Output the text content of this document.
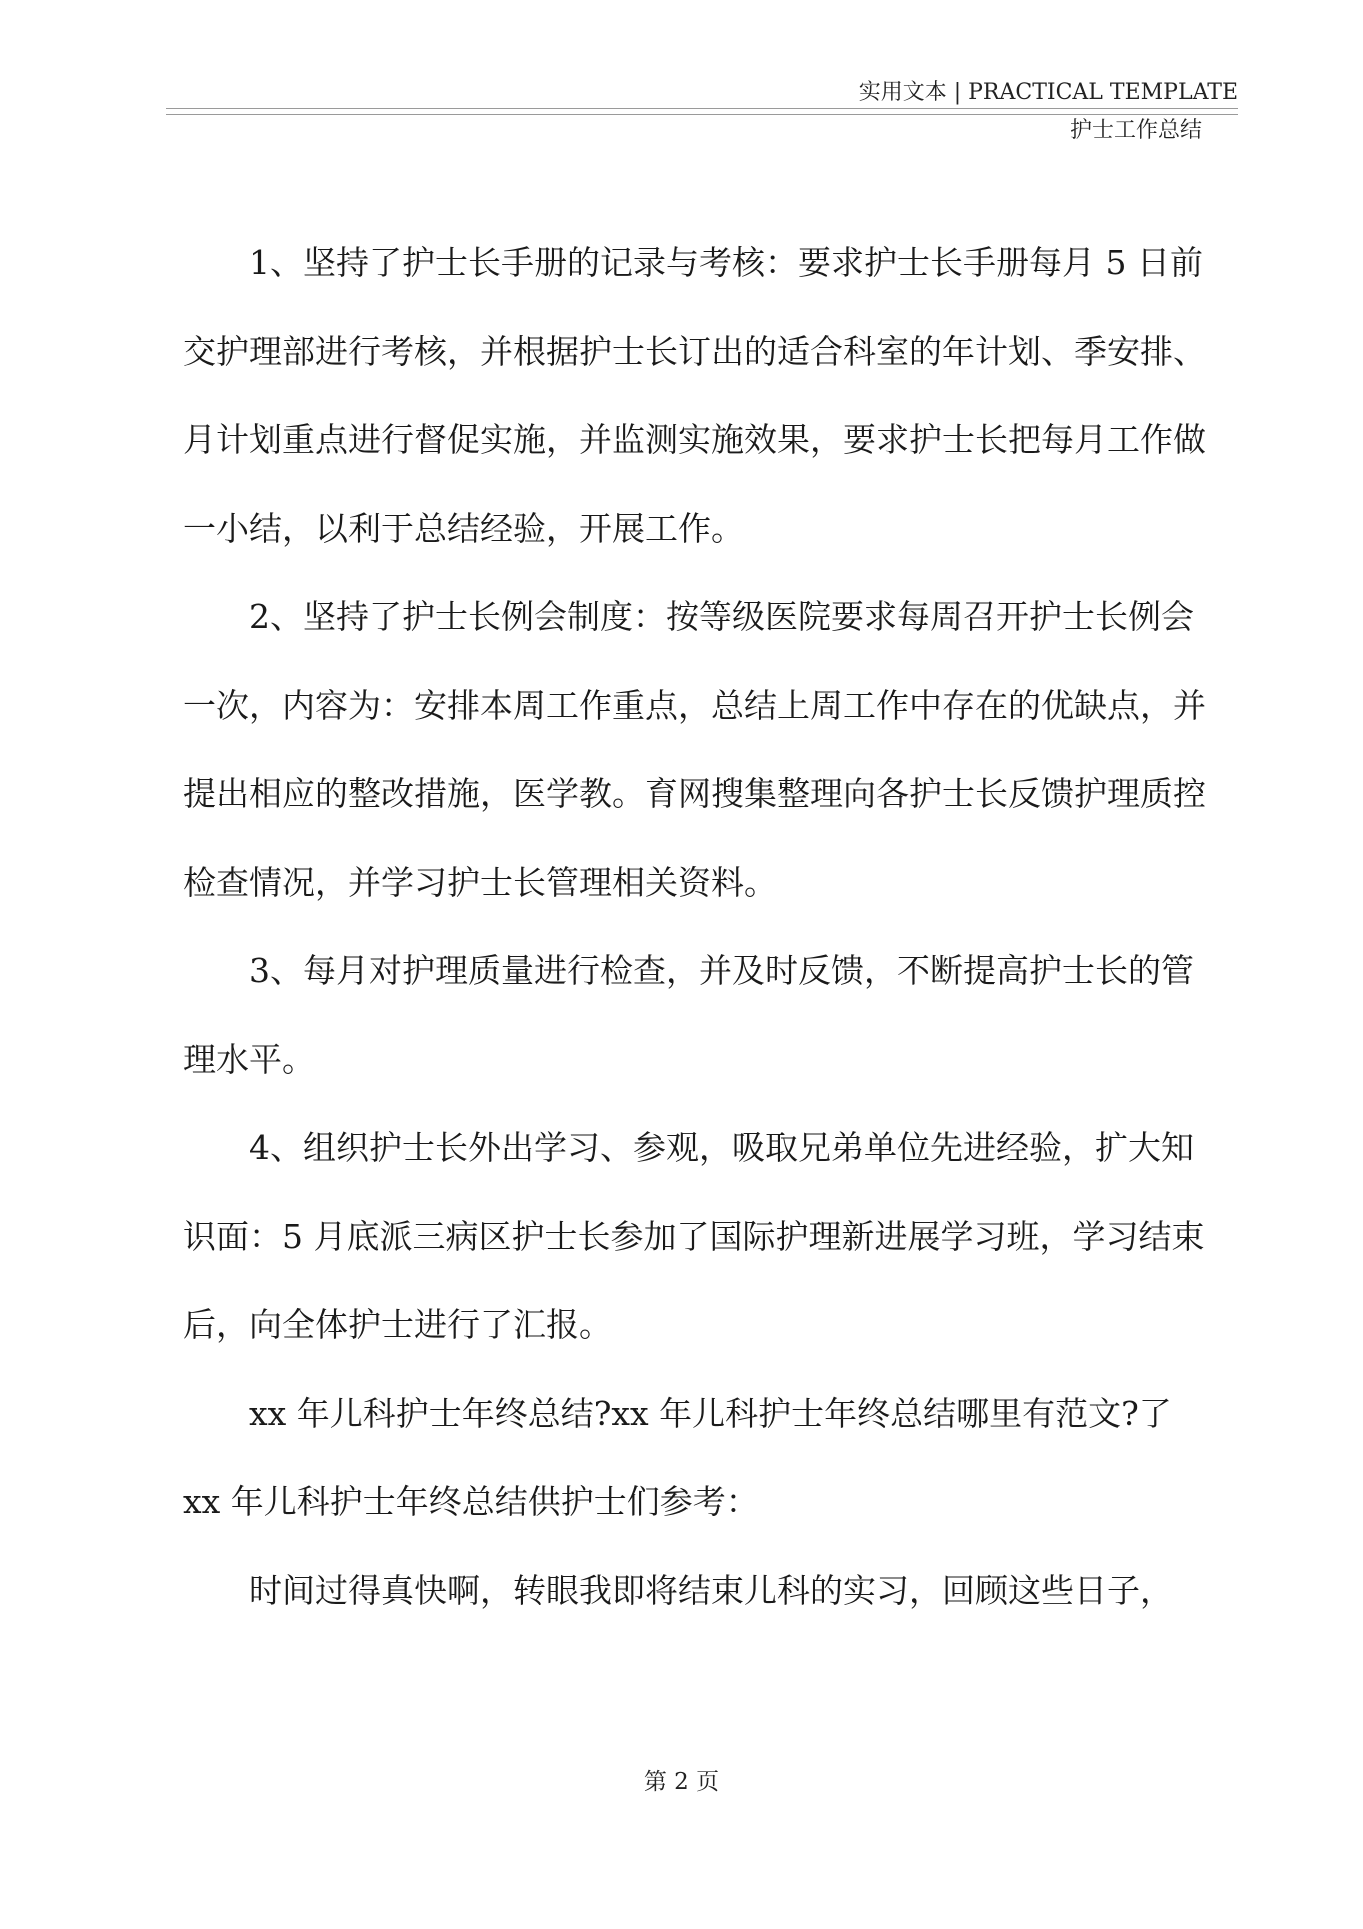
实用文本 | PRACTICAL TEMPLATE
护士工作总结

1、坚持了护士长手册的记录与考核：要求护士长手册每月 5 日前交护理部进行考核，并根据护士长订出的适合科室的年计划、季安排、月计划重点进行督促实施，并监测实施效果，要求护士长把每月工作做一小结，以利于总结经验，开展工作。

2、坚持了护士长例会制度：按等级医院要求每周召开护士长例会一次，内容为：安排本周工作重点，总结上周工作中存在的优缺点，并提出相应的整改措施，医学教。育网搜集整理向各护士长反馈护理质控检查情况，并学习护士长管理相关资料。

3、每月对护理质量进行检查，并及时反馈，不断提高护士长的管理水平。

4、组织护士长外出学习、参观，吸取兄弟单位先进经验，扩大知识面：5 月底派三病区护士长参加了国际护理新进展学习班，学习结束后，向全体护士进行了汇报。

xx 年儿科护士年终总结?xx 年儿科护士年终总结哪里有范文?了xx 年儿科护士年终总结供护士们参考：

时间过得真快啊，转眼我即将结束儿科的实习，回顾这些日子，

第 2 页
